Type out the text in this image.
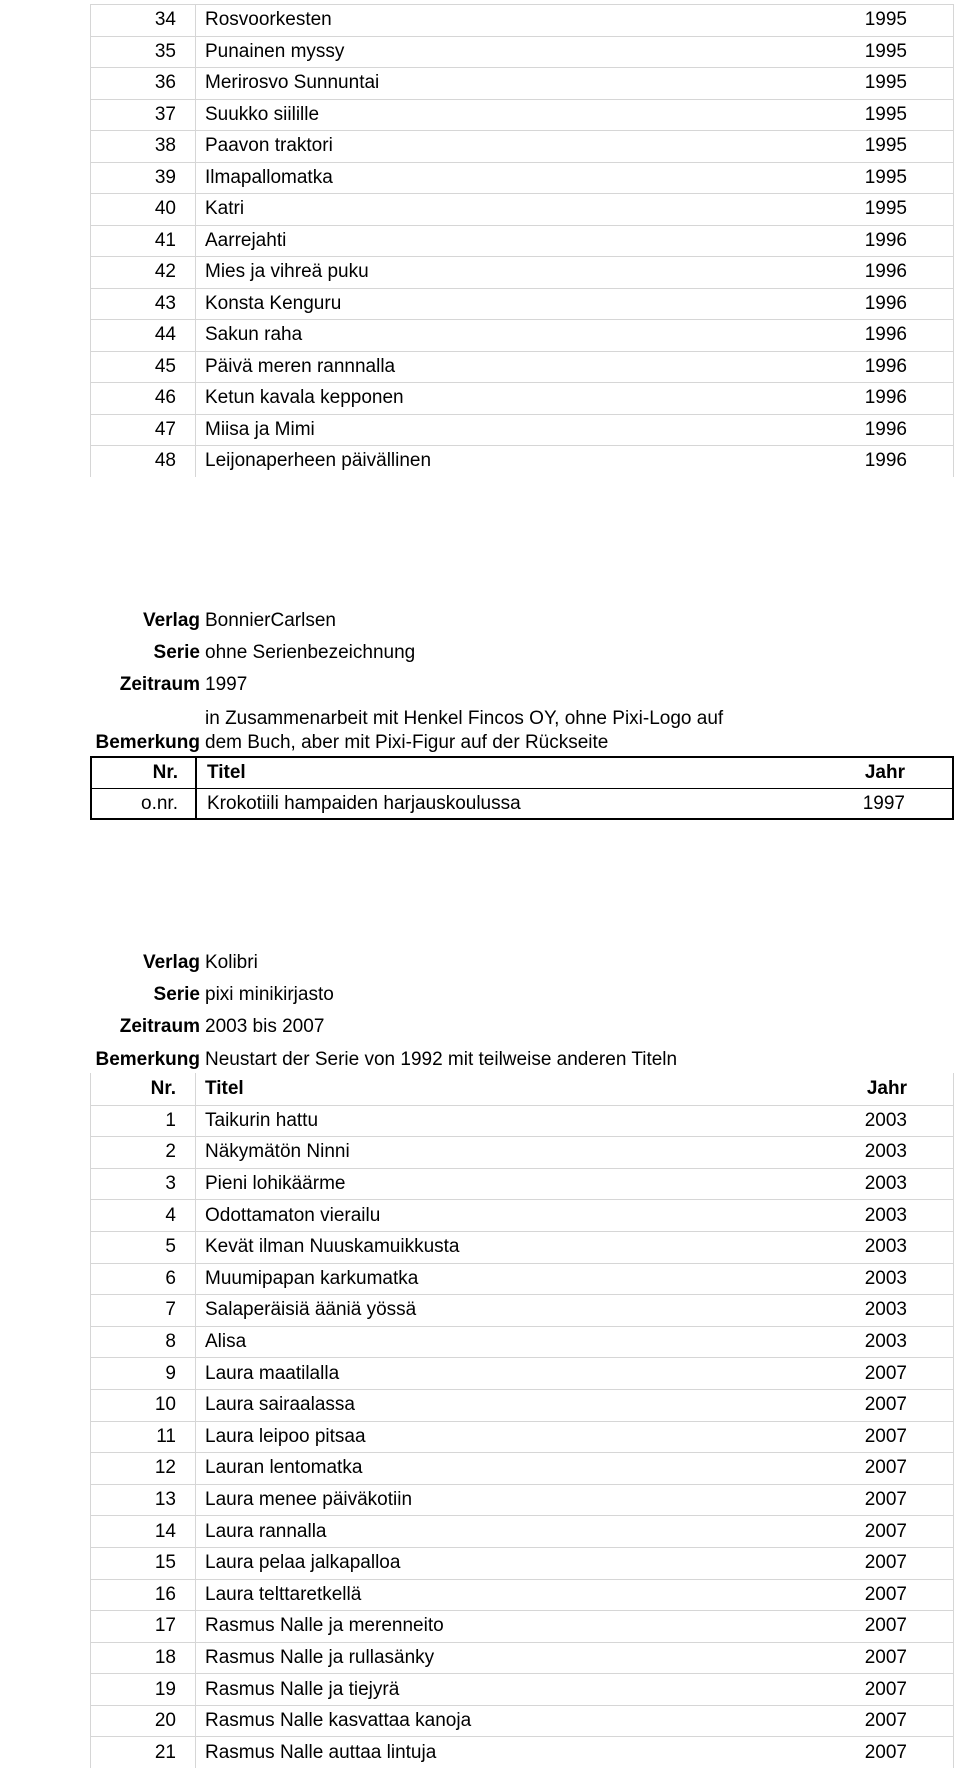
34 Rosvoorkesten	1995
35 Punainen myssy	1995
36 Merirosvo Sunnuntai	1995
37 Suukko siilille	1995
38 Paavon traktori	1995
39 Ilmapallomatka	1995
40 Katri	1995
41 Aarrejahti	1996
42 Mies ja vihreä puku	1996
43 Konsta Kenguru	1996
44 Sakun raha	1996
45 Päivä meren rannnalla	1996
46 Ketun kavala kepponen	1996
47 Miisa ja Mimi	1996
48 Leijonaperheen päivällinen	1996
Verlag BonnierCarlsen
Serie ohne Serienbezeichnung
Zeitraum 1997
in Zusammenarbeit mit Henkel Fincos OY, ohne Pixi-Logo auf
Bemerkung dem Buch, aber mit Pixi-Figur auf der Rückseite
Nr. Titel	Jahr
o.nr. Krokotiili hampaiden harjauskoulussa	1997
Verlag Kolibri
Serie pixi minikirjasto
Zeitraum 2003 bis 2007
Bemerkung Neustart der Serie von 1992 mit teilweise anderen Titeln
Nr. Titel	Jahr
1 Taikurin hattu	2003
2 Näkymätön Ninni	2003
3 Pieni lohikäärme	2003
4 Odottamaton vierailu	2003
5 Kevät ilman Nuuskamuikkusta	2003
6 Muumipapan karkumatka	2003
7 Salaperäisiä ääniä yössä	2003
8 Alisa	2003
9 Laura maatilalla	2007
10 Laura sairaalassa	2007
11 Laura leipoo pitsaa	2007
12 Lauran lentomatka	2007
13 Laura menee päiväkotiin	2007
14 Laura rannalla	2007
15 Laura pelaa jalkapalloa	2007
16 Laura telttaretkellä	2007
17 Rasmus Nalle ja merenneito	2007
18 Rasmus Nalle ja rullasänky	2007
19 Rasmus Nalle ja tiejyrä	2007
20 Rasmus Nalle kasvattaa kanoja	2007
21 Rasmus Nalle auttaa lintuja	2007
